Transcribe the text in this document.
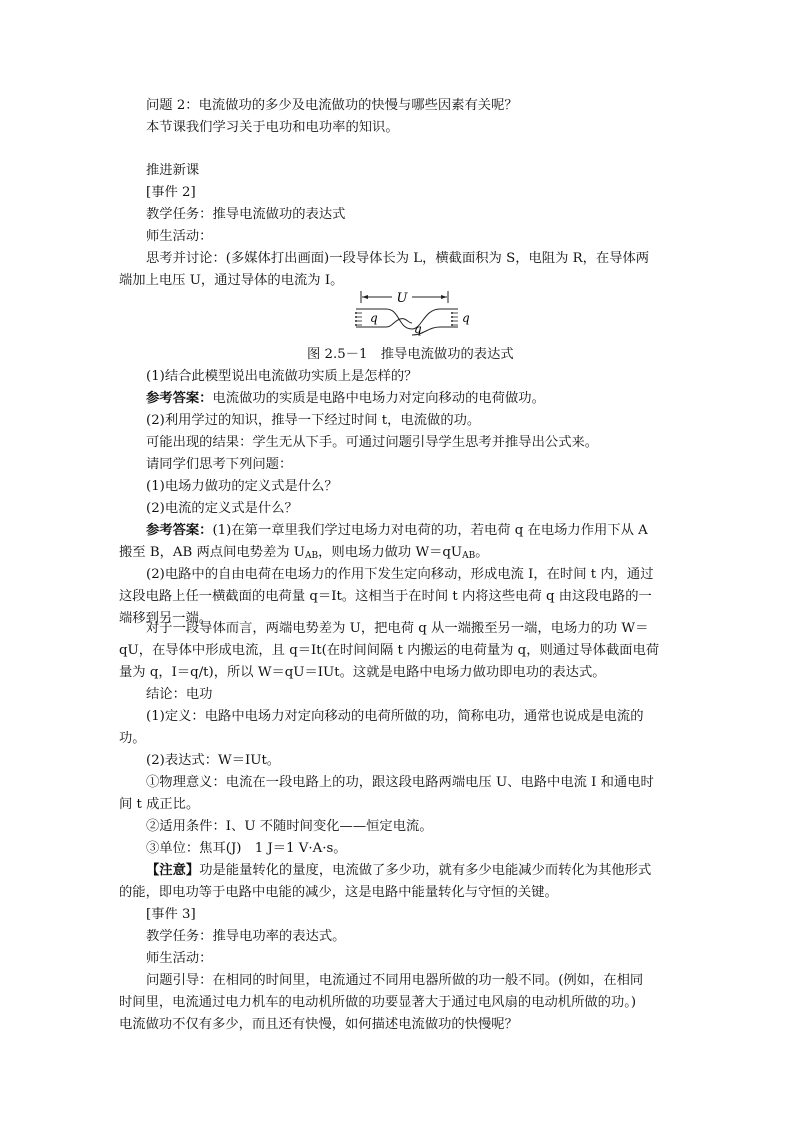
问题 2：电流做功的多少及电流做功的快慢与哪些因素有关呢？
本节课我们学习关于电功和电功率的知识。
推进新课
[事件 2]
教学任务：推导电流做功的表达式
师生活动：
思考并讨论：(多媒体打出画面)一段导体长为 L，横截面积为 S，电阻为 R，在导体两
端加上电压 U，通过导体的电流为 I。
U
q
q
q
图 2.5－1　推导电流做功的表达式
(1)结合此模型说出电流做功实质上是怎样的？
参考答案：电流做功的实质是电路中电场力对定向移动的电荷做功。
(2)利用学过的知识，推导一下经过时间 t，电流做的功。
可能出现的结果：学生无从下手。可通过问题引导学生思考并推导出公式来。
请同学们思考下列问题：
(1)电场力做功的定义式是什么？
(2)电流的定义式是什么？
参考答案：(1)在第一章里我们学过电场力对电荷的功，若电荷 q 在电场力作用下从 A
搬至 B，AB 两点间电势差为 $U_{AB}$，则电场力做功 $W=qU_{AB}$。
(2)电路中的自由电荷在电场力的作用下发生定向移动，形成电流 I，在时间 t 内，通过
这段电路上任一横截面的电荷量 q＝It。这相当于在时间 t 内将这些电荷 q 由这段电路的一
端移到另一端。
对于一段导体而言，两端电势差为 U，把电荷 q 从一端搬至另一端，电场力的功 W＝
qU，在导体中形成电流，且 q＝It(在时间间隔 t 内搬运的电荷量为 q，则通过导体截面电荷
量为 q，I＝q/t)，所以 W＝qU＝IUt。这就是电路中电场力做功即电功的表达式。
结论：电功
(1)定义：电路中电场力对定向移动的电荷所做的功，简称电功，通常也说成是电流的
功。
(2)表达式：W＝IUt。
①物理意义：电流在一段电路上的功，跟这段电路两端电压 U、电路中电流 I 和通电时
间 t 成正比。
②适用条件：I、U 不随时间变化——恒定电流。
③单位：焦耳(J)　1 J＝1 V·A·s。
【注意】功是能量转化的量度，电流做了多少功，就有多少电能减少而转化为其他形式
的能，即电功等于电路中电能的减少，这是电路中能量转化与守恒的关键。
[事件 3]
教学任务：推导电功率的表达式。
师生活动：
问题引导：在相同的时间里，电流通过不同用电器所做的功一般不同。(例如，在相同
时间里，电流通过电力机车的电动机所做的功要显著大于通过电风扇的电动机所做的功。)
电流做功不仅有多少，而且还有快慢，如何描述电流做功的快慢呢？
